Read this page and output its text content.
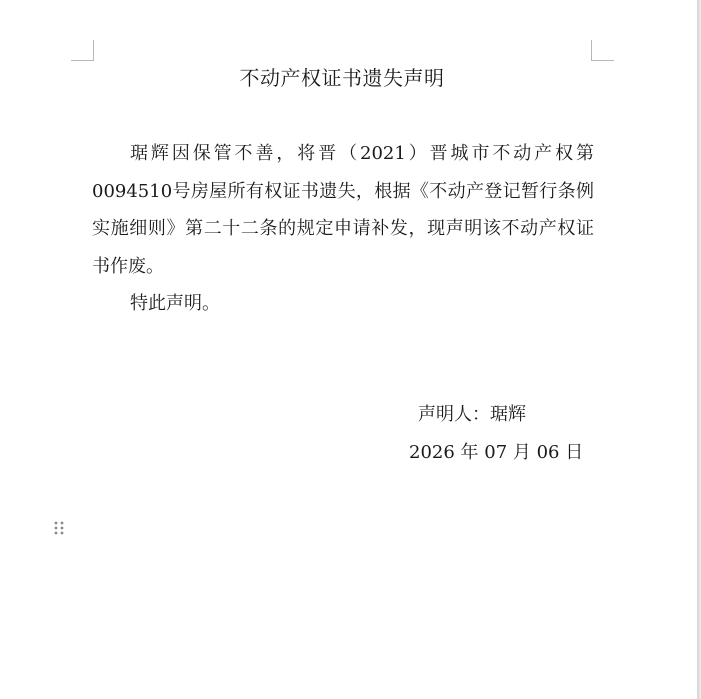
不动产权证书遗失声明

琚辉因保管不善，将晋（2021）晋城市不动产权第0094510号房屋所有权证书遗失，根据《不动产登记暂行条例实施细则》第二十二条的规定申请补发，现声明该不动产权证书作废。

特此声明。

声明人：琚辉
2026 年 07 月 06 日
